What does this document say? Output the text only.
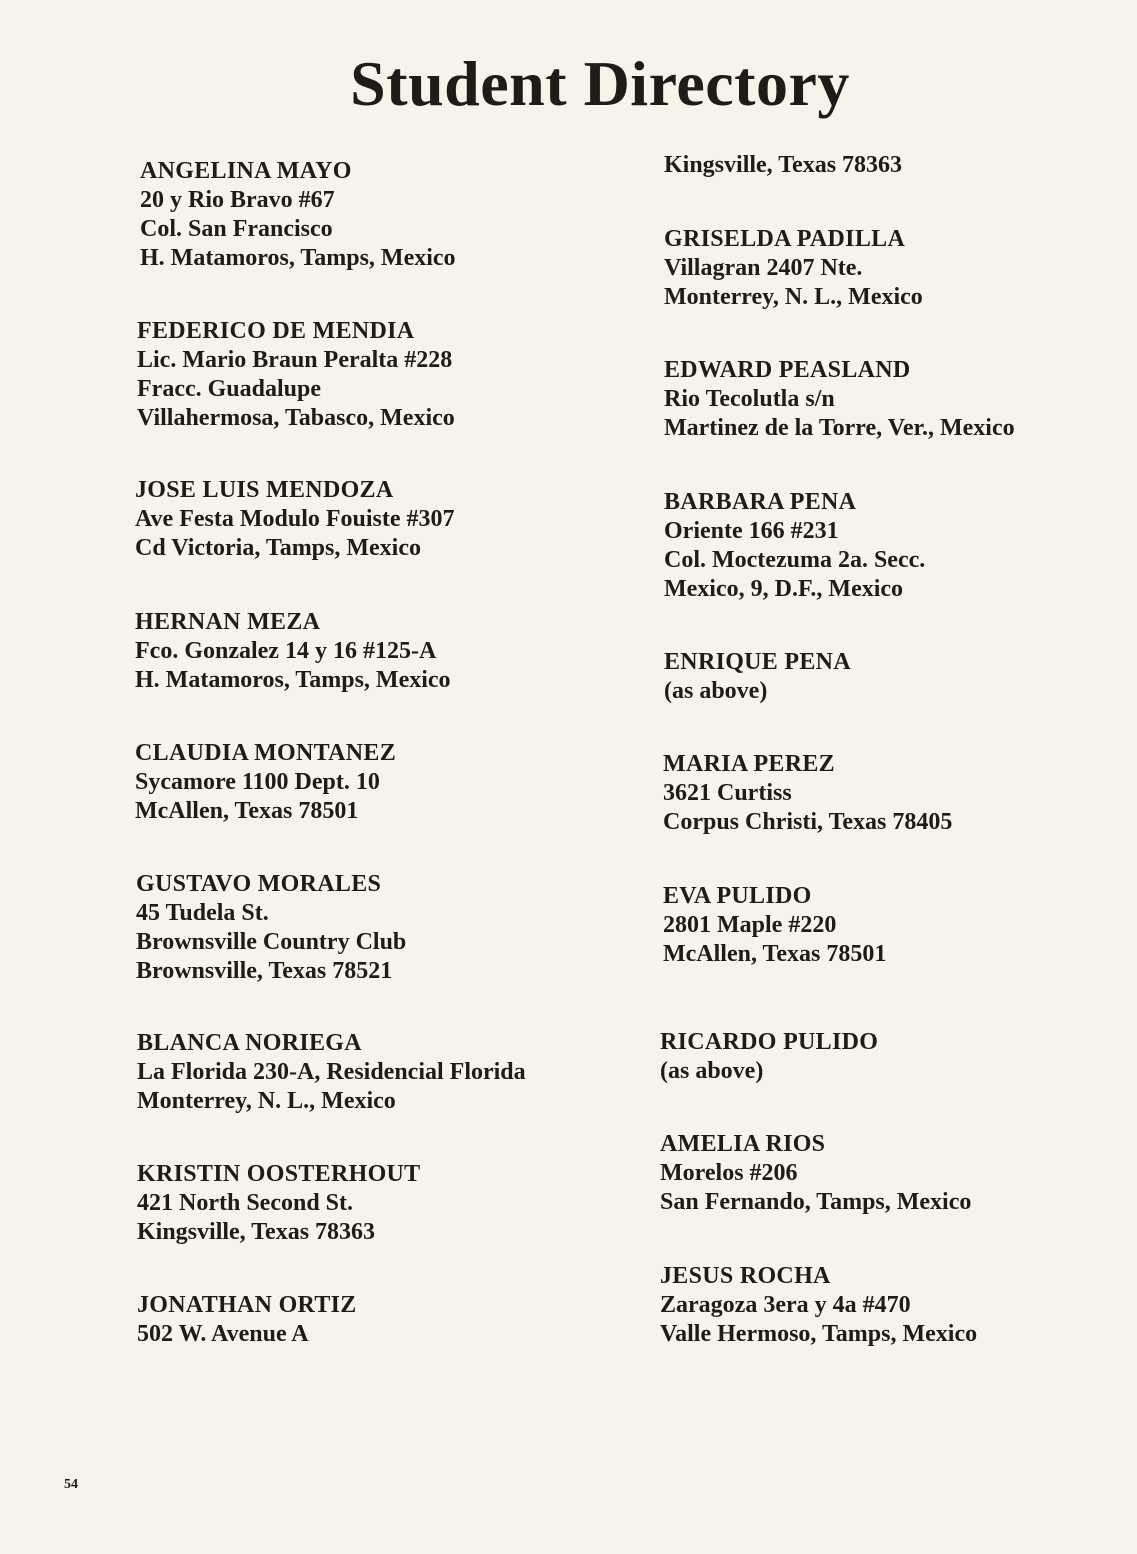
Student Directory
ANGELINA MAYO
20 y Rio Bravo #67
Col. San Francisco
H. Matamoros, Tamps, Mexico
FEDERICO DE MENDIA
Lic. Mario Braun Peralta #228
Fracc. Guadalupe
Villahermosa, Tabasco, Mexico
JOSE LUIS MENDOZA
Ave Festa Modulo Fouiste #307
Cd Victoria, Tamps, Mexico
HERNAN MEZA
Fco. Gonzalez 14 y 16 #125-A
H. Matamoros, Tamps, Mexico
CLAUDIA MONTANEZ
Sycamore 1100 Dept. 10
McAllen, Texas 78501
GUSTAVO MORALES
45 Tudela St.
Brownsville Country Club
Brownsville, Texas 78521
BLANCA NORIEGA
La Florida 230-A, Residencial Florida
Monterrey, N. L., Mexico
KRISTIN OOSTERHOUT
421 North Second St.
Kingsville, Texas 78363
JONATHAN ORTIZ
502 W. Avenue A
Kingsville, Texas 78363
GRISELDA PADILLA
Villagran 2407 Nte.
Monterrey, N. L., Mexico
EDWARD PEASLAND
Rio Tecolutla s/n
Martinez de la Torre, Ver., Mexico
BARBARA PENA
Oriente 166 #231
Col. Moctezuma 2a. Secc.
Mexico, 9, D.F., Mexico
ENRIQUE PENA
(as above)
MARIA PEREZ
3621 Curtiss
Corpus Christi, Texas 78405
EVA PULIDO
2801 Maple #220
McAllen, Texas 78501
RICARDO PULIDO
(as above)
AMELIA RIOS
Morelos #206
San Fernando, Tamps, Mexico
JESUS ROCHA
Zaragoza 3era y 4a #470
Valle Hermoso, Tamps, Mexico
54
